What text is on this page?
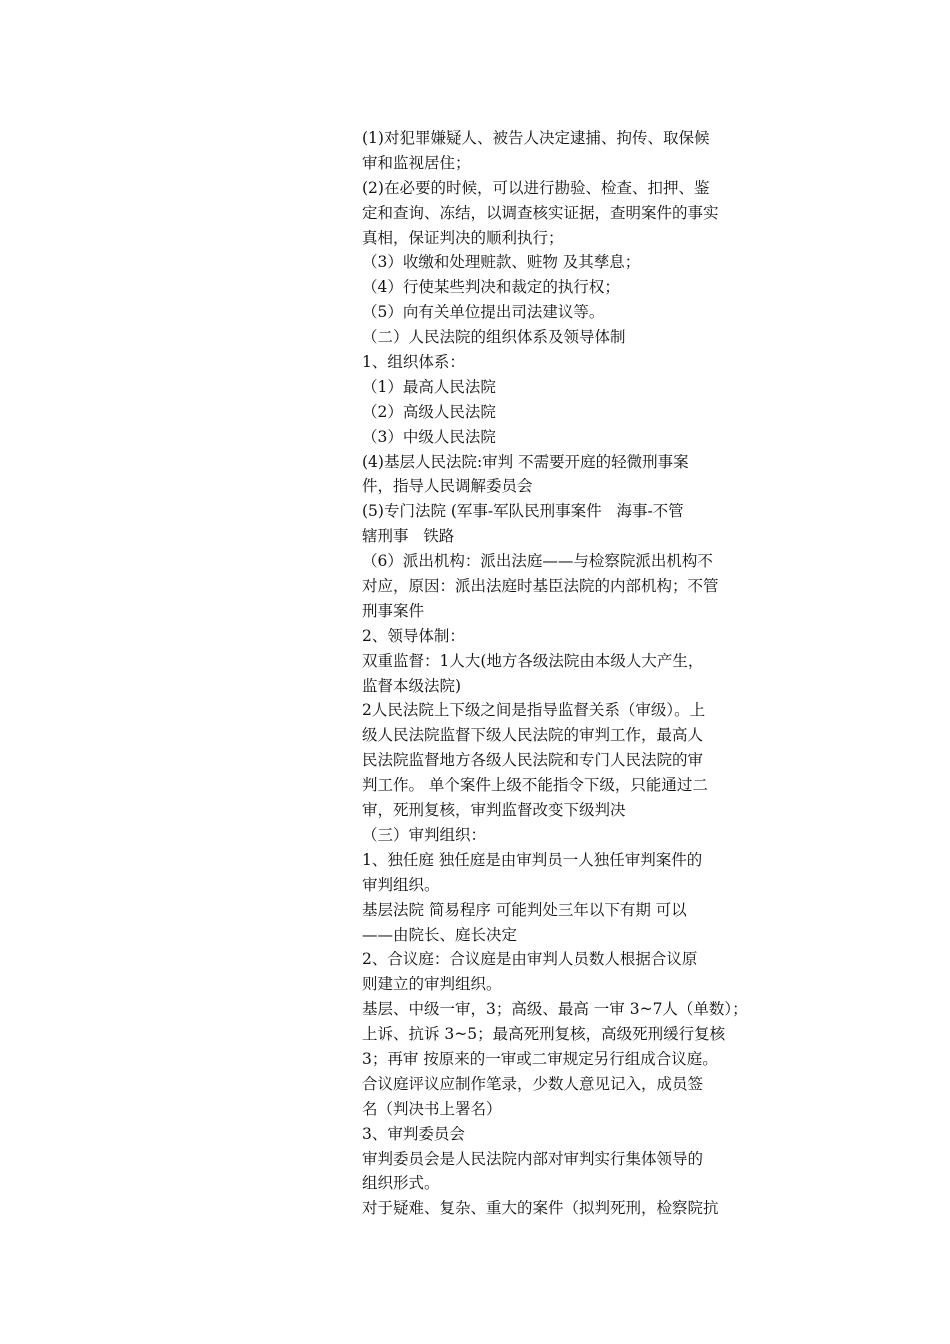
(1)对犯罪嫌疑人、被告人决定逮捕、拘传、取保候
审和监视居住；
(2)在必要的时候，可以进行勘验、检查、扣押、鉴
定和查询、冻结，以调查核实证据，查明案件的事实
真相，保证判决的顺利执行；
（3）收缴和处理赃款、赃物 及其孳息；
（4）行使某些判决和裁定的执行权；
（5）向有关单位提出司法建议等。
（二）人民法院的组织体系及领导体制
1、组织体系：
（1）最高人民法院
（2）高级人民法院
（3）中级人民法院
(4)基层人民法院:审判 不需要开庭的轻微刑事案
件，指导人民调解委员会
(5)专门法院 (军事-军队民刑事案件   海事-不管
辖刑事   铁路
（6）派出机构：派出法庭——与检察院派出机构不
对应，原因：派出法庭时基臣法院的内部机构；不管
刑事案件
2、领导体制：
双重监督：1人大(地方各级法院由本级人大产生，
监督本级法院)
2人民法院上下级之间是指导监督关系（审级）。上
级人民法院监督下级人民法院的审判工作，最高人
民法院监督地方各级人民法院和专门人民法院的审
判工作。 单个案件上级不能指令下级，只能通过二
审，死刑复核，审判监督改变下级判决
（三）审判组织：
1、独任庭 独任庭是由审判员一人独任审判案件的
审判组织。
基层法院 简易程序 可能判处三年以下有期 可以
——由院长、庭长决定
2、合议庭：合议庭是由审判人员数人根据合议原
则建立的审判组织。
基层、中级一审，3；高级、最高 一审 3~7人（单数）；
上诉、抗诉 3~5；最高死刑复核，高级死刑缓行复核
3；再审 按原来的一审或二审规定另行组成合议庭。
合议庭评议应制作笔录，少数人意见记入，成员签
名（判决书上署名）
3、审判委员会
审判委员会是人民法院内部对审判实行集体领导的
组织形式。
对于疑难、复杂、重大的案件（拟判死刑，检察院抗
